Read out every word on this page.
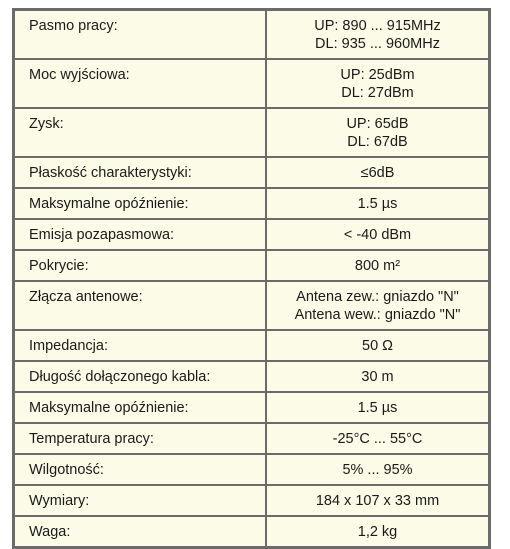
Pasmo pracy:	UP: 890 ... 915MHz
DL: 935 ... 960MHz

Moc wyjściowa:	UP: 25dBm
DL: 27dBm

Zysk:	UP: 65dB
DL: 67dB

Płaskość charakterystyki:	≤6dB

Maksymalne opóźnienie:	1.5 µs

Emisja pozapasmowa:	< -40 dBm

Pokrycie:	800 m²

Złącza antenowe:	Antena zew.: gniazdo "N"
Antena wew.: gniazdo "N"

Impedancja:	50 Ω

Długość dołączonego kabla:	30 m

Maksymalne opóźnienie:	1.5 µs

Temperatura pracy:	-25°C ... 55°C

Wilgotność:	5% ... 95%

Wymiary:	184 x 107 x 33 mm

Waga:	1,2 kg
